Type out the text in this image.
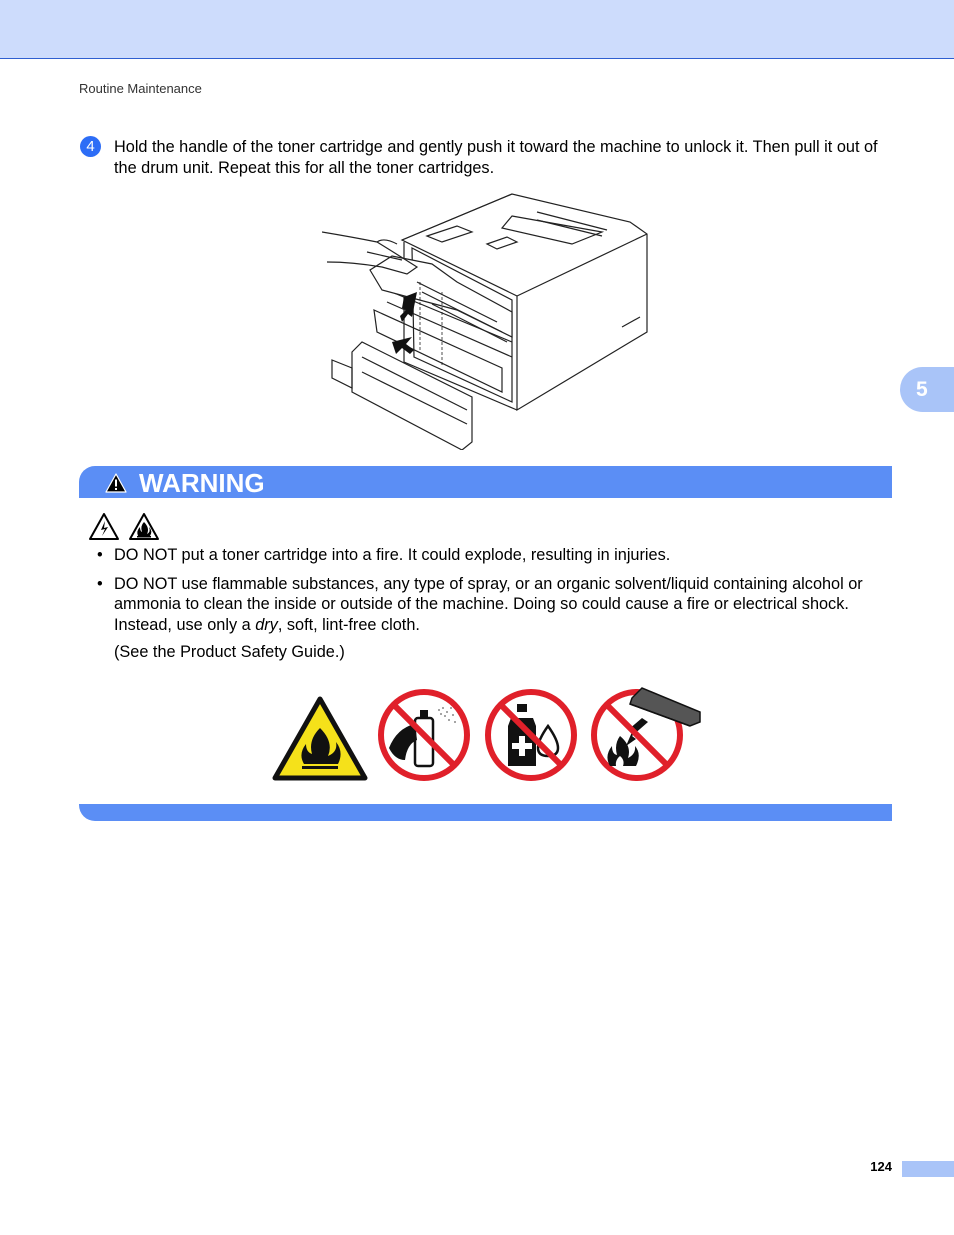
Routine Maintenance
5
4	Hold the handle of the toner cartridge and gently push it toward the machine to unlock it. Then pull it out of the drum unit. Repeat this for all the toner cartridges.
WARNING
• DO NOT put a toner cartridge into a fire. It could explode, resulting in injuries.
• DO NOT use flammable substances, any type of spray, or an organic solvent/liquid containing alcohol or ammonia to clean the inside or outside of the machine. Doing so could cause a fire or electrical shock. Instead, use only a dry, soft, lint-free cloth.
(See the Product Safety Guide.)
124
